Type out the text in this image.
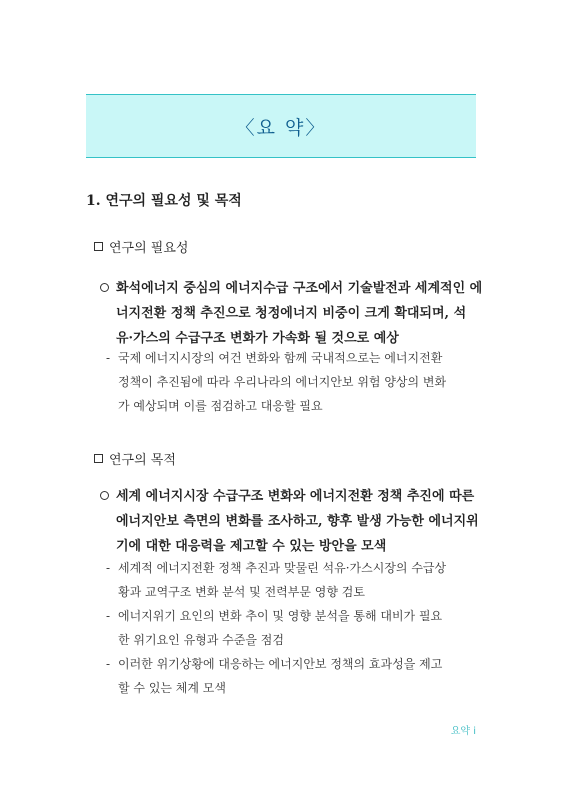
〈요 약〉
1. 연구의 필요성 및 목적
연구의 필요성
화석에너지 중심의 에너지수급 구조에서 기술발전과 세계적인 에
너지전환 정책 추진으로 청정에너지 비중이 크게 확대되며, 석
유·가스의 수급구조 변화가 가속화 될 것으로 예상
- 국제 에너지시장의 여건 변화와 함께 국내적으로는 에너지전환
정책이 추진됨에 따라 우리나라의 에너지안보 위험 양상의 변화
가 예상되며 이를 점검하고 대응할 필요
연구의 목적
세계 에너지시장 수급구조 변화와 에너지전환 정책 추진에 따른
에너지안보 측면의 변화를 조사하고, 향후 발생 가능한 에너지위
기에 대한 대응력을 제고할 수 있는 방안을 모색
- 세계적 에너지전환 정책 추진과 맞물린 석유·가스시장의 수급상
황과 교역구조 변화 분석 및 전력부문 영향 검토
- 에너지위기 요인의 변화 추이 및 영향 분석을 통해 대비가 필요
한 위기요인 유형과 수준을 점검
- 이러한 위기상황에 대응하는 에너지안보 정책의 효과성을 제고
할 수 있는 체계 모색
요약 i
